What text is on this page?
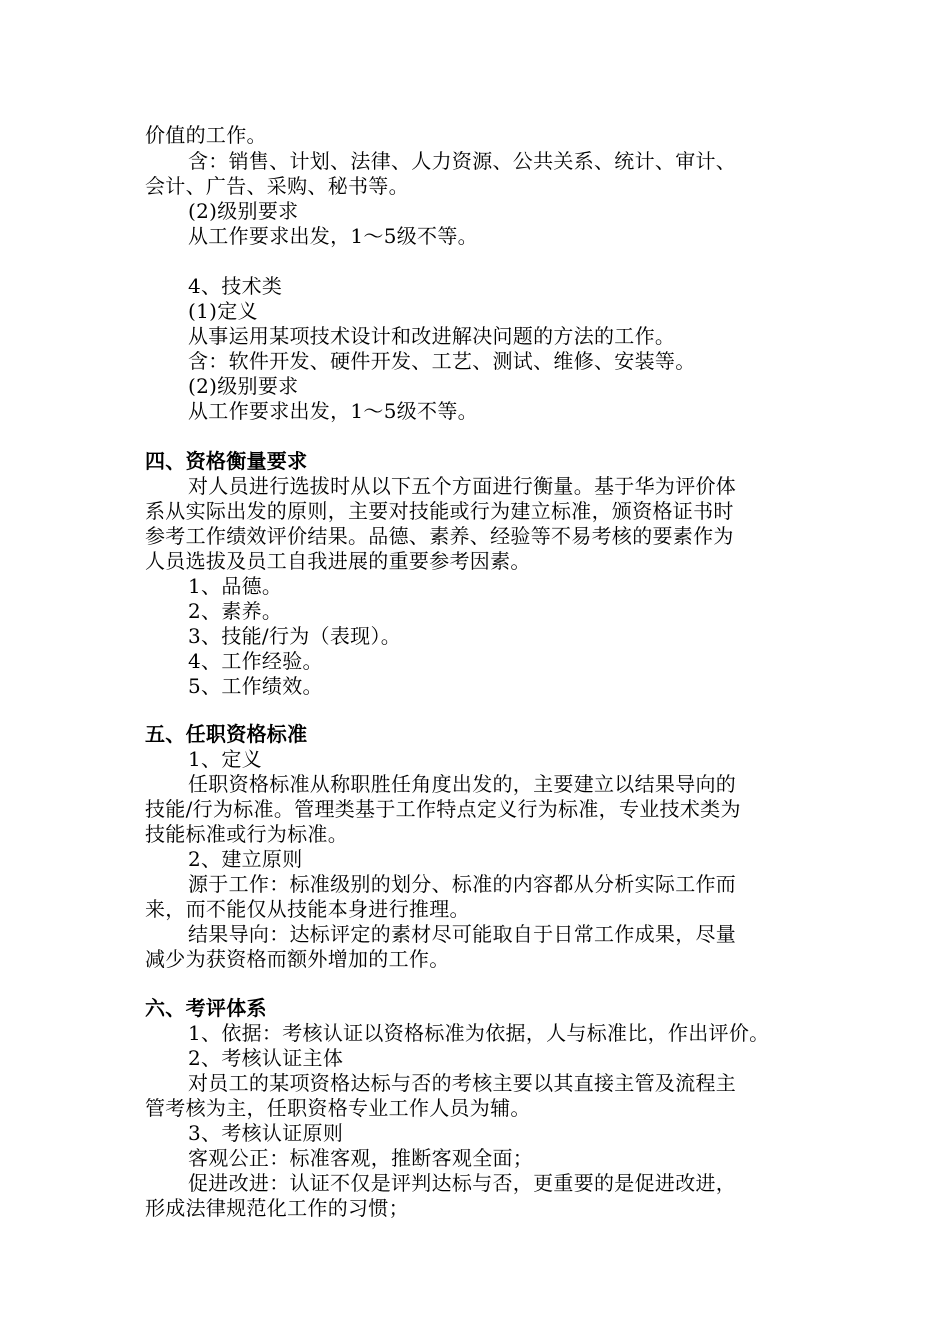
价值的工作。
含：销售、计划、法律、人力资源、公共关系、统计、审计、
会计、广告、采购、秘书等。
(2)级别要求
从工作要求出发，1～5级不等。
4、技术类
(1)定义
从事运用某项技术设计和改进解决问题的方法的工作。
含：软件开发、硬件开发、工艺、测试、维修、安装等。
(2)级别要求
从工作要求出发，1～5级不等。
四、资格衡量要求
对人员进行选拔时从以下五个方面进行衡量。基于华为评价体
系从实际出发的原则，主要对技能或行为建立标准，颁资格证书时
参考工作绩效评价结果。品德、素养、经验等不易考核的要素作为
人员选拔及员工自我进展的重要参考因素。
1、品德。
2、素养。
3、技能/行为（表现）。
4、工作经验。
5、工作绩效。
五、任职资格标准
1、定义
任职资格标准从称职胜任角度出发的，主要建立以结果导向的
技能/行为标准。管理类基于工作特点定义行为标准，专业技术类为
技能标准或行为标准。
2、建立原则
源于工作：标准级别的划分、标准的内容都从分析实际工作而
来，而不能仅从技能本身进行推理。
结果导向：达标评定的素材尽可能取自于日常工作成果，尽量
减少为获资格而额外增加的工作。
六、考评体系
1、依据：考核认证以资格标准为依据，人与标准比，作出评价。
2、考核认证主体
对员工的某项资格达标与否的考核主要以其直接主管及流程主
管考核为主，任职资格专业工作人员为辅。
3、考核认证原则
客观公正：标准客观，推断客观全面；
促进改进：认证不仅是评判达标与否，更重要的是促进改进，
形成法律规范化工作的习惯；
